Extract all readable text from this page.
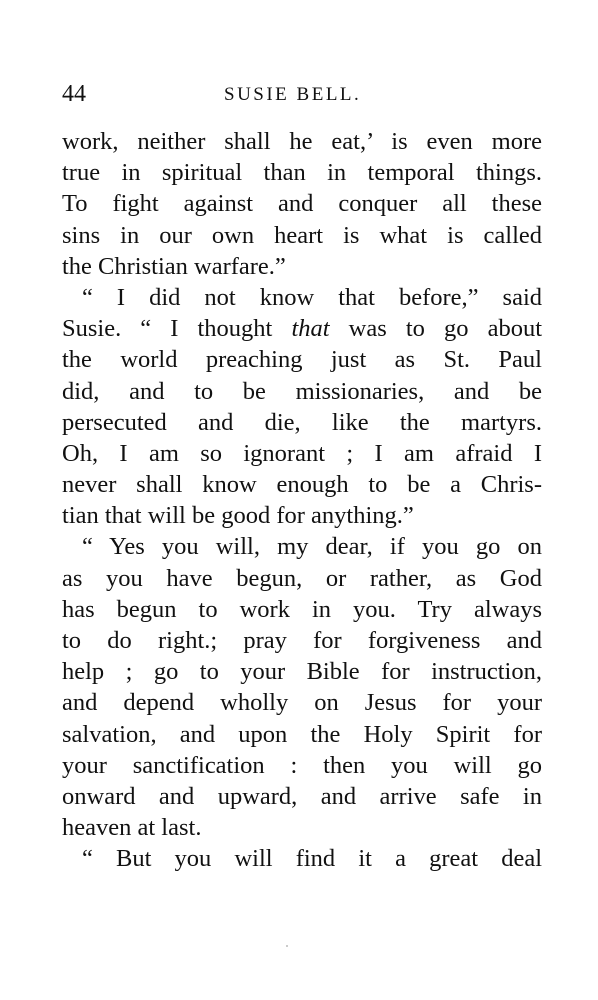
44	SUSIE BELL.
work, neither shall he eat,’ is even more
true in spiritual than in temporal things.
To fight against and conquer all these
sins in our own heart is what is called
the Christian warfare.”
“ I did not know that before,” said
Susie. “ I thought that was to go about
the world preaching just as St. Paul
did, and to be missionaries, and be
persecuted and die, like the martyrs.
Oh, I am so ignorant ; I am afraid I
never shall know enough to be a Chris-
tian that will be good for anything.”
“ Yes you will, my dear, if you go on
as you have begun, or rather, as God
has begun to work in you. Try always
to do right.; pray for forgiveness and
help ; go to your Bible for instruction,
and depend wholly on Jesus for your
salvation, and upon the Holy Spirit for
your sanctification : then you will go
onward and upward, and arrive safe in
heaven at last.
“ But you will find it a great deal
